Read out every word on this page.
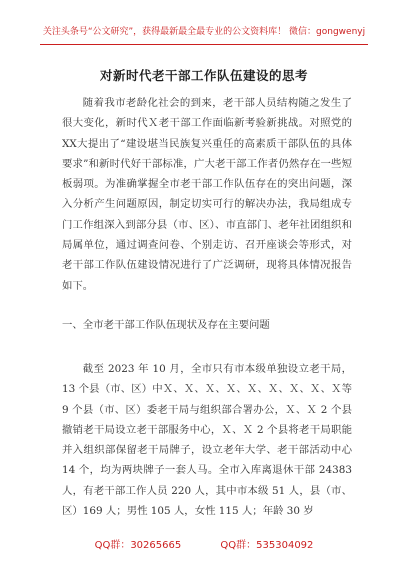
关注头条号“公文研究”，获得最新最全最专业的公文资料库！ 微信：gongwenyj
对新时代老干部工作队伍建设的思考
随着我市老龄化社会的到来，老干部人员结构随之发生了很大变化，新时代Ｘ老干部工作面临新考验新挑战。对照党的XX大提出了“建设堪当民族复兴重任的高素质干部队伍的具体要求”和新时代好干部标准，广大老干部工作者仍然存在一些短板弱项。为准确掌握全市老干部工作队伍存在的突出问题，深入分析产生问题原因，制定切实可行的解决办法，我局组成专门工作组深入到部分县（市、区）、市直部门、老年社团组织和局属单位，通过调查问卷、个别走访、召开座谈会等形式，对老干部工作队伍建设情况进行了广泛调研，现将具体情况报告如下。
一、全市老干部工作队伍现状及存在主要问题
截至 2023 年 10 月，全市只有市本级单独设立老干局，13 个县（市、区）中Ｘ、Ｘ、Ｘ、Ｘ、Ｘ、Ｘ、Ｘ、Ｘ、Ｘ等 9 个县（市、区）委老干局与组织部合署办公，Ｘ、Ｘ 2 个县撤销老干局设立老干部服务中心，Ｘ、Ｘ 2 个县将老干局职能并入组织部保留老干局牌子，设立老年大学、老干部活动中心 14 个，均为两块牌子一套人马。全市入库离退休干部 24383 人，有老干部工作人员 220 人，其中市本级 51 人，县（市、区）169 人；男性 105 人，女性 115 人；年龄 30 岁
QQ群：30265665	QQ群：535304092
